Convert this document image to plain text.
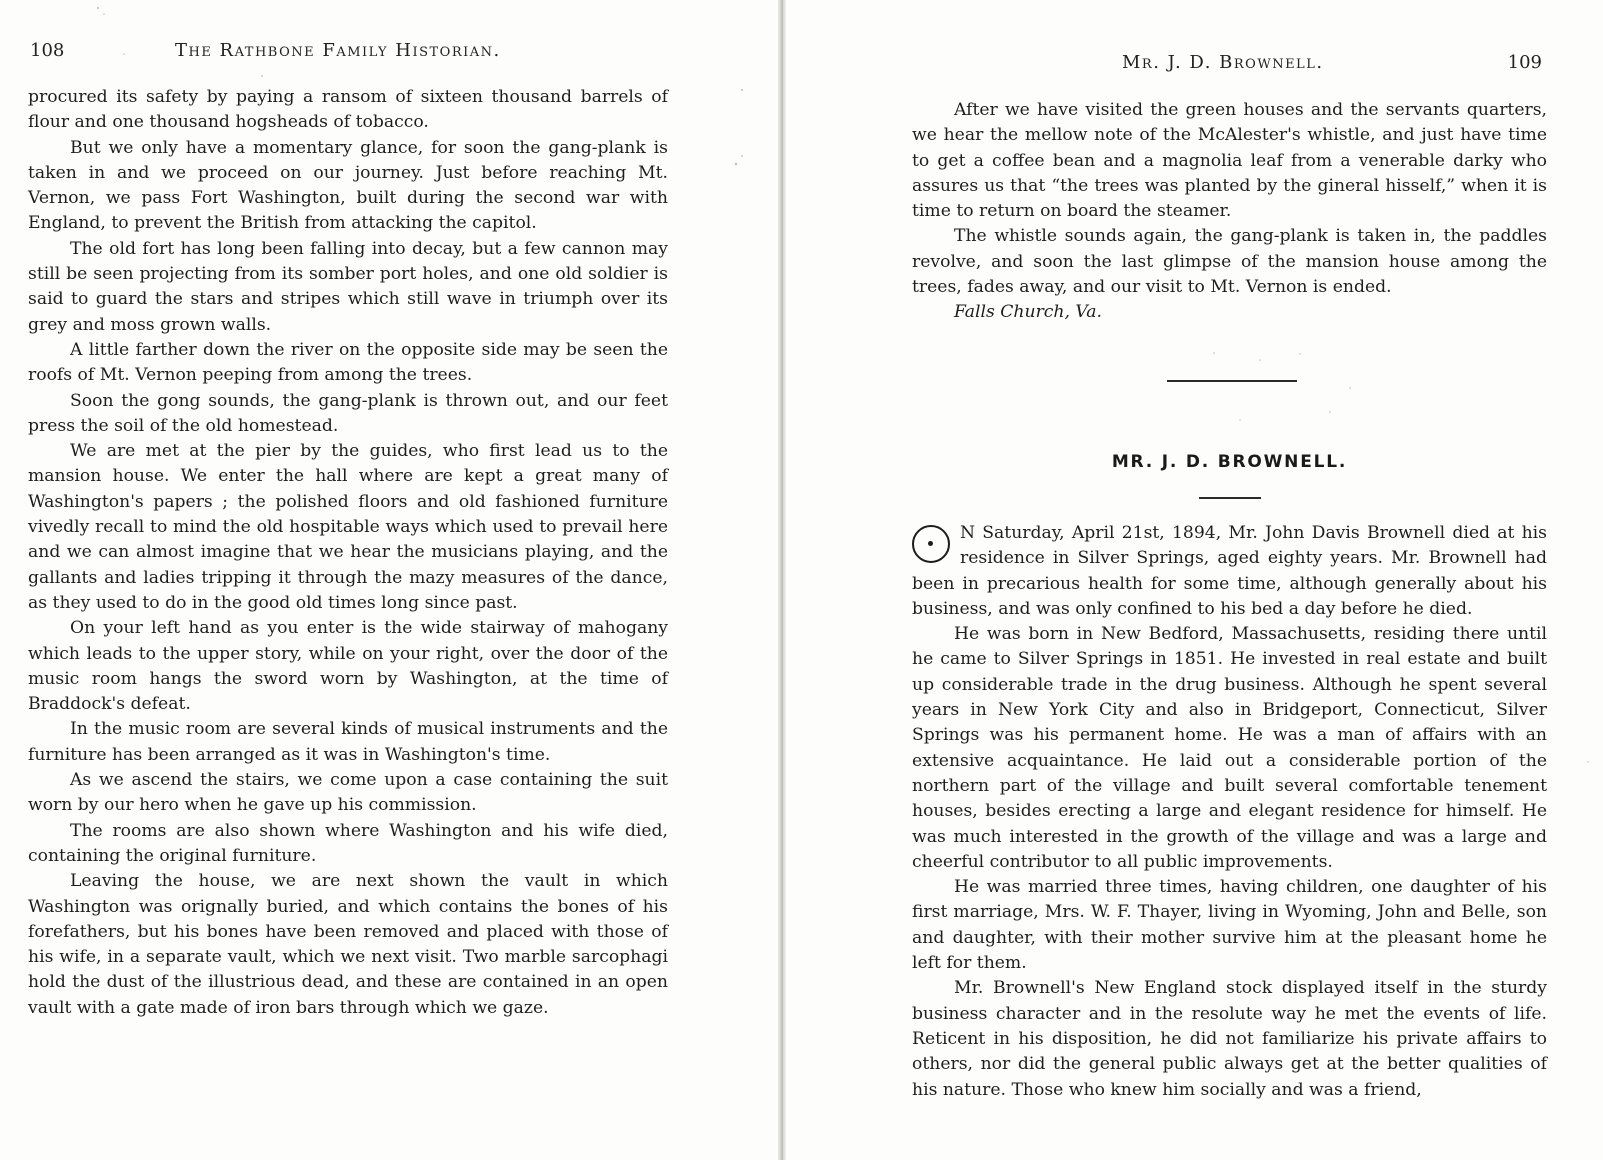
108	The Rathbone Family Historian.

procured its safety by paying a ransom of sixteen thousand barrels of flour and one thousand hogsheads of tobacco.

But we only have a momentary glance, for soon the gang-plank is taken in and we proceed on our journey. Just before reaching Mt. Vernon, we pass Fort Washington, built during the second war with England, to prevent the British from attacking the capitol.

The old fort has long been falling into decay, but a few cannon may still be seen projecting from its somber port holes, and one old soldier is said to guard the stars and stripes which still wave in triumph over its grey and moss grown walls.

A little farther down the river on the opposite side may be seen the roofs of Mt. Vernon peeping from among the trees.

Soon the gong sounds, the gang-plank is thrown out, and our feet press the soil of the old homestead.

We are met at the pier by the guides, who first lead us to the mansion house. We enter the hall where are kept a great many of Washington's papers ; the polished floors and old fashioned furniture vivedly recall to mind the old hospitable ways which used to prevail here and we can almost imagine that we hear the musicians playing, and the gallants and ladies tripping it through the mazy measures of the dance, as they used to do in the good old times long since past.

On your left hand as you enter is the wide stairway of mahogany which leads to the upper story, while on your right, over the door of the music room hangs the sword worn by Washington, at the time of Braddock's defeat.

In the music room are several kinds of musical instruments and the furniture has been arranged as it was in Washington's time.

As we ascend the stairs, we come upon a case containing the suit worn by our hero when he gave up his commission.

The rooms are also shown where Washington and his wife died, containing the original furniture.

Leaving the house, we are next shown the vault in which Washington was orignally buried, and which contains the bones of his forefathers, but his bones have been removed and placed with those of his wife, in a separate vault, which we next visit. Two marble sarcophagi hold the dust of the illustrious dead, and these are contained in an open vault with a gate made of iron bars through which we gaze.

Mr. J. D. Brownell.	109

After we have visited the green houses and the servants quarters, we hear the mellow note of the McAlester's whistle, and just have time to get a coffee bean and a magnolia leaf from a venerable darky who assures us that “the trees was planted by the gineral hisself,” when it is time to return on board the steamer.

The whistle sounds again, the gang-plank is taken in, the paddles revolve, and soon the last glimpse of the mansion house among the trees, fades away, and our visit to Mt. Vernon is ended.

Falls Church, Va.

MR. J. D. BROWNELL.

N Saturday, April 21st, 1894, Mr. John Davis Brownell died at his residence in Silver Springs, aged eighty years. Mr. Brownell had been in precarious health for some time, although generally about his business, and was only confined to his bed a day before he died.

He was born in New Bedford, Massachusetts, residing there until he came to Silver Springs in 1851. He invested in real estate and built up considerable trade in the drug business. Although he spent several years in New York City and also in Bridgeport, Connecticut, Silver Springs was his permanent home. He was a man of affairs with an extensive acquaintance. He laid out a considerable portion of the northern part of the village and built several comfortable tenement houses, besides erecting a large and elegant residence for himself. He was much interested in the growth of the village and was a large and cheerful contributor to all public improvements.

He was married three times, having children, one daughter of his first marriage, Mrs. W. F. Thayer, living in Wyoming, John and Belle, son and daughter, with their mother survive him at the pleasant home he left for them.

Mr. Brownell's New England stock displayed itself in the sturdy business character and in the resolute way he met the events of life. Reticent in his disposition, he did not familiarize his private affairs to others, nor did the general public always get at the better qualities of his nature. Those who knew him socially and was a friend,
